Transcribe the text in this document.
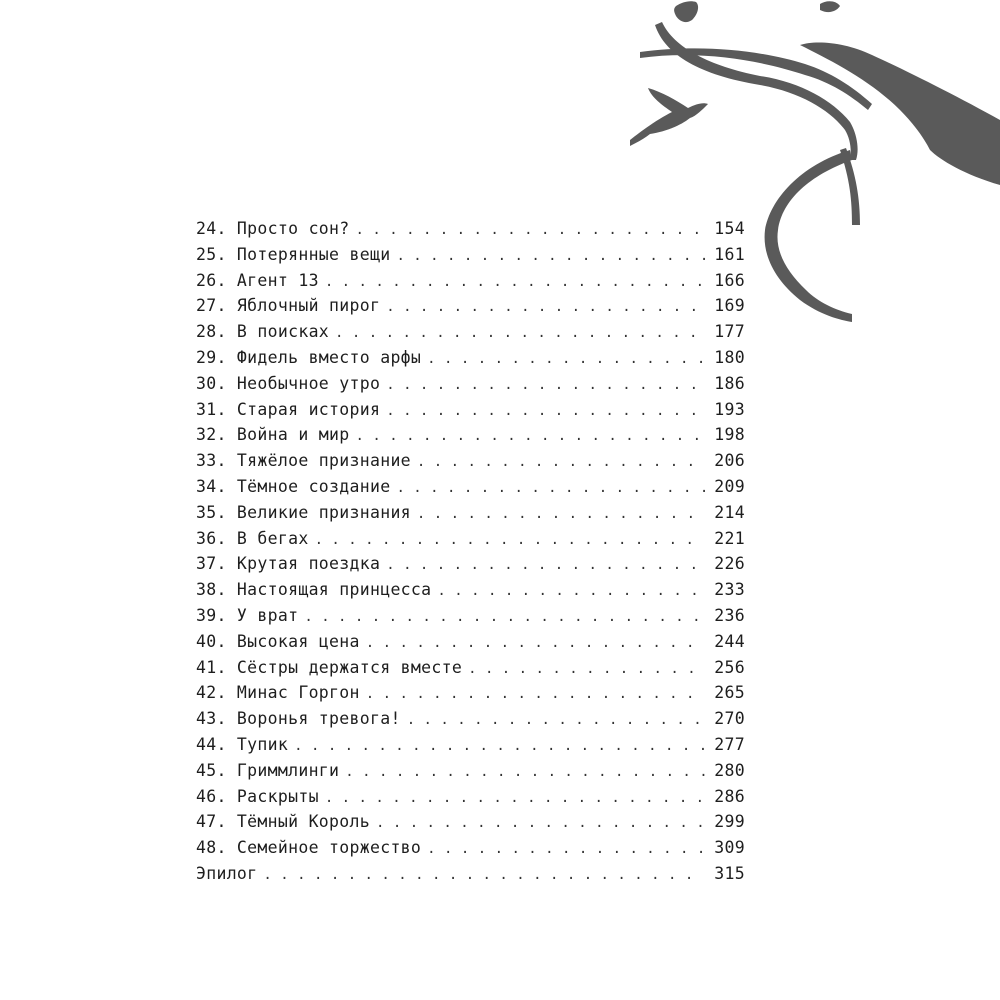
24. Просто сон? . . .	154
25. Потерянные вещи . . .	161
26. Агент 13 . . .	166
27. Яблочный пирог . . .	169
28. В поисках . . .	177
29. Фидель вместо арфы . . .	180
30. Необычное утро . . .	186
31. Старая история . . .	193
32. Война и мир . . .	198
33. Тяжёлое признание . . .	206
34. Тёмное создание . . .	209
35. Великие признания . . .	214
36. В бегах . . .	221
37. Крутая поездка . . .	226
38. Настоящая принцесса . . .	233
39. У врат . . .	236
40. Высокая цена . . .	244
41. Сёстры держатся вместе . . .	256
42. Минас Горгон . . .	265
43. Воронья тревога! . . .	270
44. Тупик . . .	277
45. Гриммлинги . . .	280
46. Раскрыты . . .	286
47. Тёмный Король . . .	299
48. Семейное торжество . . .	309
Эпилог . . .	315
